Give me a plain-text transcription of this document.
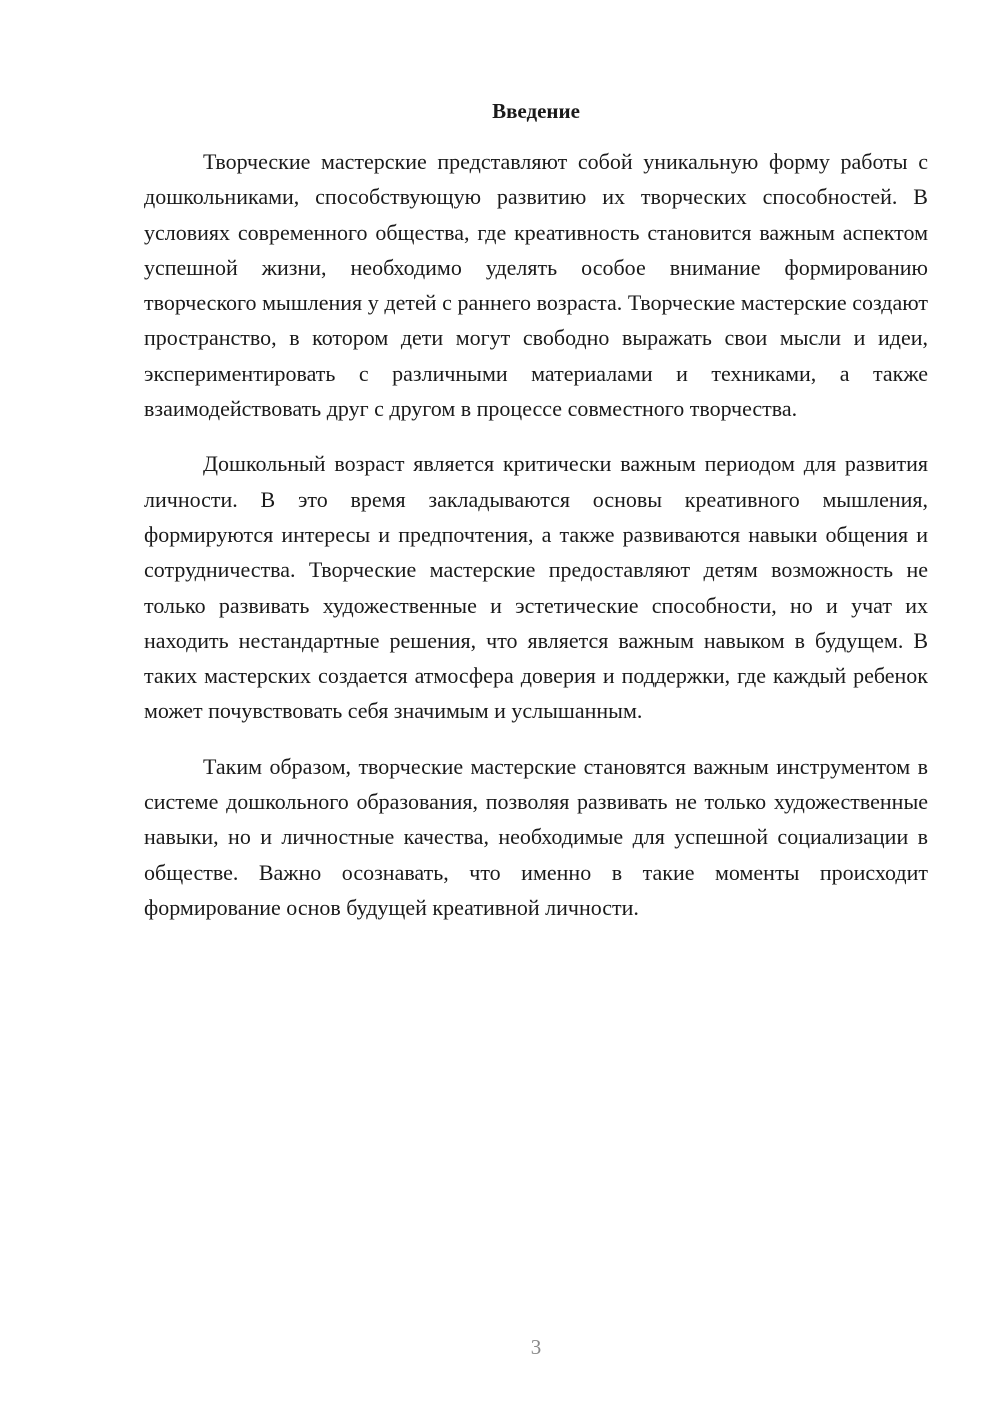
Введение

Творческие мастерские представляют собой уникальную форму работы с дошкольниками, способствующую развитию их творческих способностей. В условиях современного общества, где креативность становится важным аспектом успешной жизни, необходимо уделять особое внимание формированию творческого мышления у детей с раннего возраста. Творческие мастерские создают пространство, в котором дети могут свободно выражать свои мысли и идеи, экспериментировать с различными материалами и техниками, а также взаимодействовать друг с другом в процессе совместного творчества.

Дошкольный возраст является критически важным периодом для развития личности. В это время закладываются основы креативного мышления, формируются интересы и предпочтения, а также развиваются навыки общения и сотрудничества. Творческие мастерские предоставляют детям возможность не только развивать художественные и эстетические способности, но и учат их находить нестандартные решения, что является важным навыком в будущем. В таких мастерских создается атмосфера доверия и поддержки, где каждый ребенок может почувствовать себя значимым и услышанным.

Таким образом, творческие мастерские становятся важным инструментом в системе дошкольного образования, позволяя развивать не только художественные навыки, но и личностные качества, необходимые для успешной социализации в обществе. Важно осознавать, что именно в такие моменты происходит формирование основ будущей креативной личности.

3
